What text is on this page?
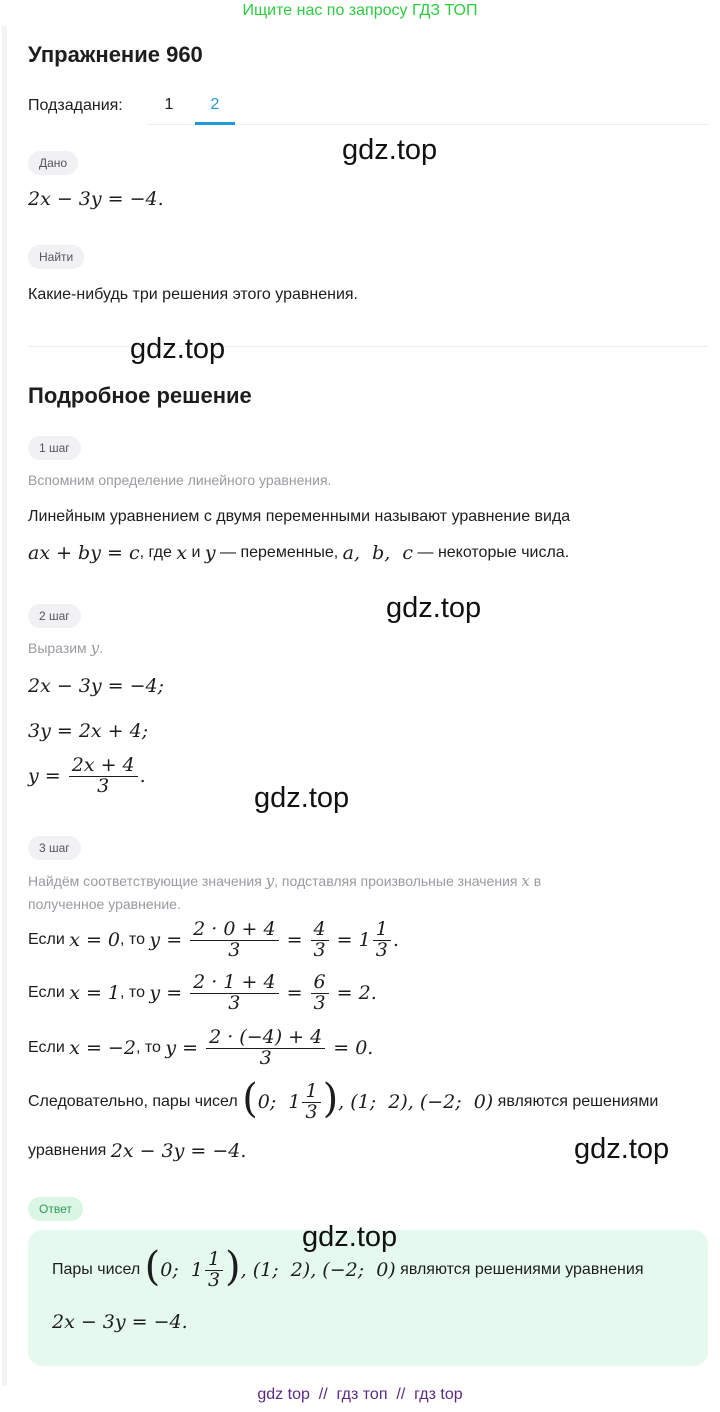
Ищите нас по запросу ГДЗ ТОП
Упражнение 960
Подзадания:	1	2
Дано
2x − 3y = −4.
Найти
Какие-нибудь три решения этого уравнения.
Подробное решение
1 шаг
Вспомним определение линейного уравнения.
Линейным уравнением с двумя переменными называют уравнение вида
ax + by = c , где x и y — переменные, a,  b,  c — некоторые числа.
2 шаг
Выразим y .
2x − 3y = −4;
3y = 2x + 4;
$y = \frac{2x + 4}{3}$ .
3 шаг
Найдём соответствующие значения y , подставляя произвольные значения x в
полученное уравнение.
Если x = 0 , то $y = \frac{2 \cdot 0 + 4}{3} = \frac{4}{3} = 1 \frac{1}{3}$ .
Если x = 1 , то $y = \frac{2 \cdot 1 + 4}{3} = \frac{6}{3} = 2$.
Если x = −2 , то $y = \frac{2 \cdot (-4) + 4}{3} = 0$.
Следовательно, пары чисел ( 0;  $1 \frac{1}{3}$ ) , (1;  2), (−2;  0) являются решениями
уравнения 2x − 3y = −4.
Ответ
Пары чисел ( 0;  $1 \frac{1}{3}$ ) , (1;  2), (−2;  0) являются решениями уравнения
2x − 3y = −4.
gdz.top
gdz.top
gdz.top
gdz.top
gdz.top
gdz.top
gdz top  //  гдз топ  //  гдз top
